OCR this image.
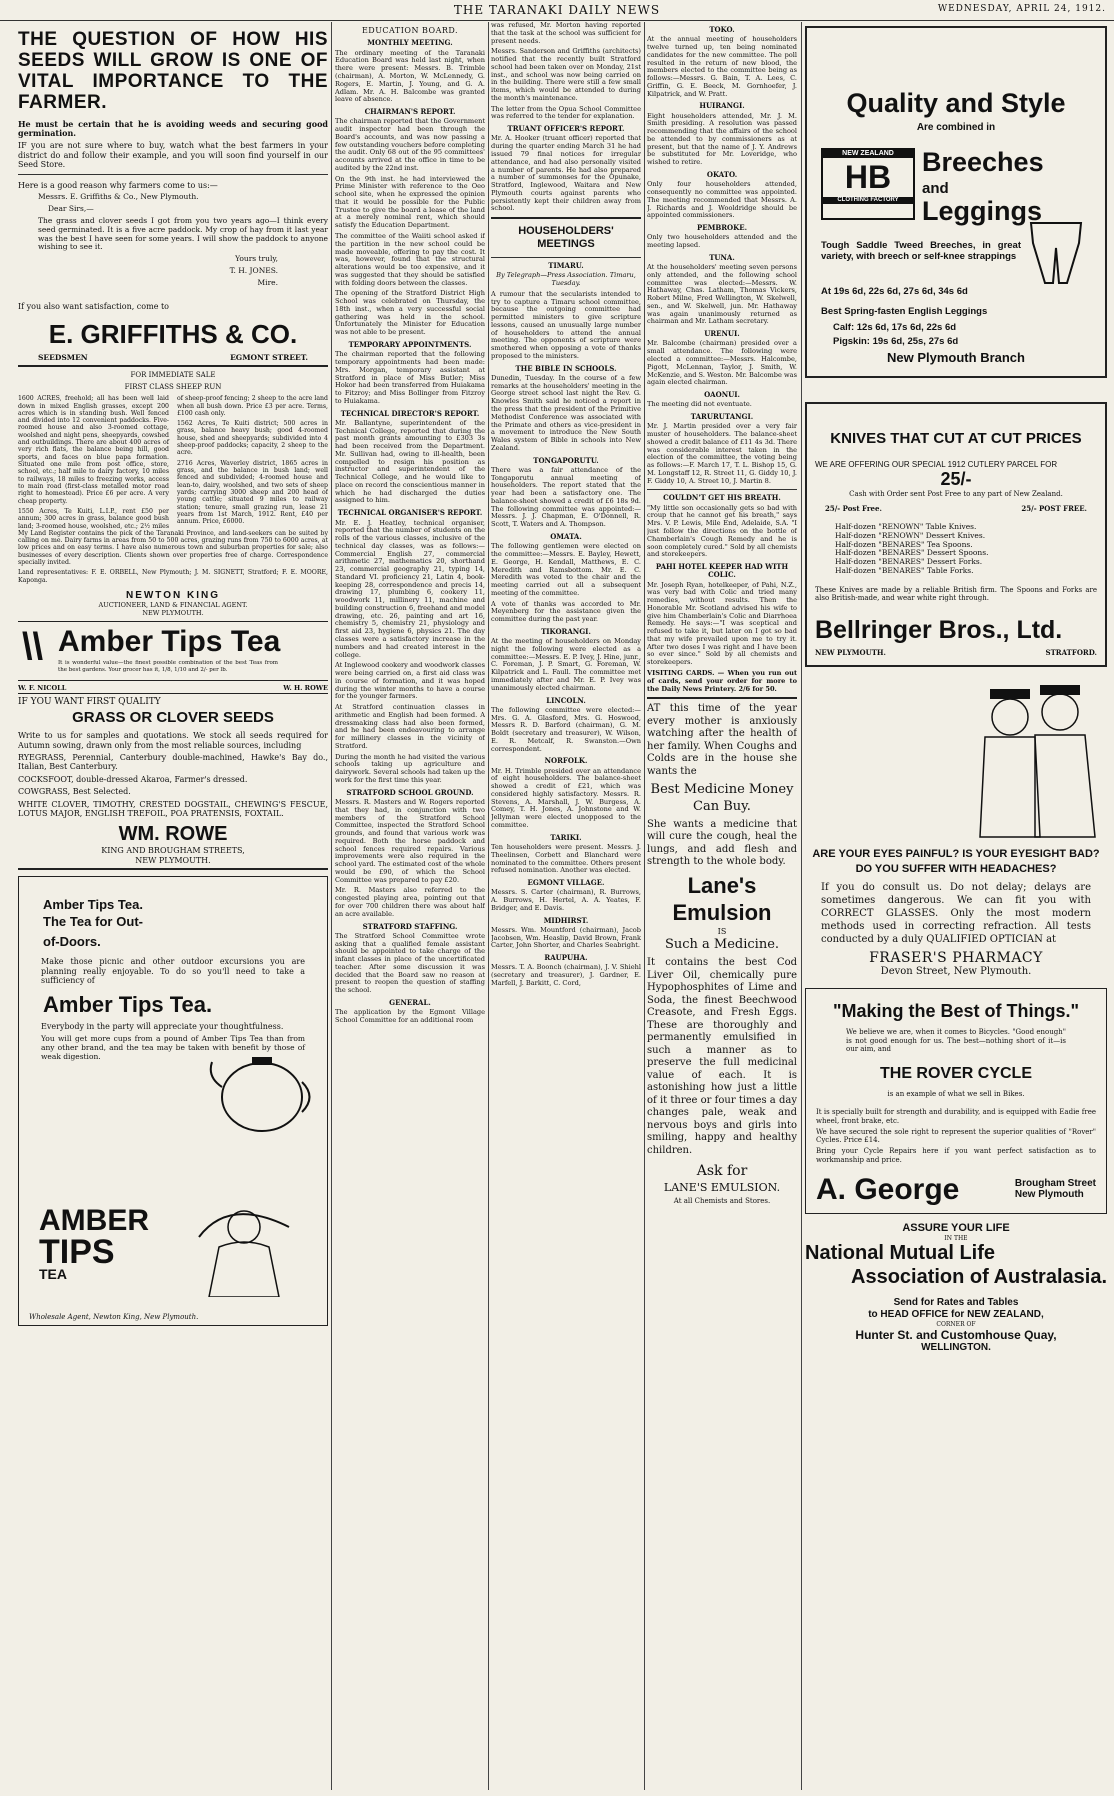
THE TARANAKI DAILY NEWS	WEDNESDAY, APRIL 24, 1912.
THE QUESTION OF HOW HIS SEEDS WILL GROW IS ONE OF VITAL IMPORTANCE TO THE FARMER.

He must be certain that he is avoiding weeds and securing good germination.

IF you are not sure where to buy, watch what the best farmers in your district do and follow their example, and you will soon find yourself in our Seed Store.

Here is a good reason why farmers come to us:—

Messrs. E. Griffiths & Co., New Plymouth.

Dear Sirs,—

The grass and clover seeds I got from you two years ago—I think every seed germinated. It is a five acre paddock. My crop of hay from it last year was the best I have seen for some years. I will show the paddock to anyone wishing to see it.

Yours truly,

T. H. JONES.

Mire.

If you also want satisfaction, come to

E. GRIFFITHS & CO.
SEEDSMEN	EGMONT STREET.
FOR IMMEDIATE SALE
FIRST CLASS SHEEP RUN

1600 ACRES, freehold; all has been well laid down in mixed English grasses, except 200 acres which is in standing bush. Well fenced and divided into 12 convenient paddocks. Five-roomed house and also 3-roomed cottage, woolshed and night pens, sheepyards, cowshed and outbuildings. There are about 400 acres of very rich flats, the balance being hill, good sports, and faces on blue papa formation. Situated one mile from post office, store, school, etc.; half mile to dairy factory, 10 miles to railways, 18 miles to freezing works, access to main road (first-class metalled motor road right to homestead). Price £6 per acre. A very cheap property.

1550 Acres, Te Kuiti, L.I.P., rent £50 per annum; 300 acres in grass, balance good bush land; 3-roomed house, woolshed, etc.; 2½ miles of sheep-proof fencing; 2 sheep to the acre land when all bush down. Price £3 per acre. Terms, £100 cash only.

1562 Acres, Te Kuiti district; 500 acres in grass, balance heavy bush; good 4-roomed house, shed and sheepyards; subdivided into 4 sheep-proof paddocks; capacity, 2 sheep to the acre.

2716 Acres, Waverley district, 1865 acres in grass, and the balance in bush land; well fenced and subdivided; 4-roomed house and lean-to, dairy, woolshed, and two sets of sheep yards; carrying 3000 sheep and 200 head of young cattle; situated 9 miles to railway station; tenure, small grazing run, lease 21 years from 1st March, 1912. Rent, £40 per annum. Price, £6000.

My Land Register contains the pick of the Taranaki Province, and land-seekers can be suited by calling on me. Dairy farms in areas from 50 to 500 acres, grazing runs from 750 to 6000 acres, at low prices and on easy terms. I have also numerous town and suburban properties for sale; also businesses of every description. Clients shown over properties free of charge. Correspondence specially invited.

Land representatives: F. E. ORBELL, New Plymouth; J. M. SIGNETT, Stratford; F. E. MOORE, Kaponga.

NEWTON KING
AUCTIONEER, LAND & FINANCIAL AGENT.
NEW PLYMOUTH.
\\ Amber Tips Tea
It is wonderful value—the finest possible combination of the best Teas from the best gardens. Your grocer has it, 1/8, 1/10 and 2/- per lb.
W. F. NICOLL	W. H. ROWE
IF YOU WANT FIRST QUALITY
GRASS OR CLOVER SEEDS

Write to us for samples and quotations. We stock all seeds required for Autumn sowing, drawn only from the most reliable sources, including

RYEGRASS, Perennial, Canterbury double-machined, Hawke's Bay do., Italian, Best Canterbury.

COCKSFOOT, double-dressed Akaroa, Farmer's dressed.

COWGRASS, Best Selected.

WHITE CLOVER, TIMOTHY, CRESTED DOGSTAIL, CHEWING'S FESCUE, LOTUS MAJOR, ENGLISH TREFOIL, POA PRATENSIS, FOXTAIL.

WM. ROWE
KING AND BROUGHAM STREETS,
NEW PLYMOUTH.
Amber Tips Tea.
The Tea for Out-of-Doors.

Make those picnic and other outdoor excursions you are planning really enjoyable. To do so you'll need to take a sufficiency of

Amber Tips Tea.

Everybody in the party will appreciate your thoughtfulness.

You will get more cups from a pound of Amber Tips Tea than from any other brand, and the tea may be taken with benefit by those of weak digestion.

AMBER
TIPS
TEA
Wholesale Agent, Newton King, New Plymouth.
EDUCATION BOARD.
MONTHLY MEETING.

The ordinary meeting of the Taranaki Education Board was held last night, when there were present: Messrs. B. Trimble (chairman), A. Morton, W. McLennedy, G. Rogers, E. Martin, J. Young, and G. A. Adlam. Mr. A. H. Balcombe was granted leave of absence.

CHAIRMAN'S REPORT.

The chairman reported that the Government audit inspector had been through the Board's accounts, and was now passing a few outstanding vouchers before completing the audit. Only 68 out of the 95 committees' accounts arrived at the office in time to be audited by the 22nd inst.

On the 9th inst. he had interviewed the Prime Minister with reference to the Oeo school site, when he expressed the opinion that it would be possible for the Public Trustee to give the board a lease of the land at a merely nominal rent, which should satisfy the Education Department.

The committee of the Waiiti school asked if the partition in the new school could be made moveable, offering to pay the cost. It was, however, found that the structural alterations would be too expensive, and it was suggested that they should be satisfied with folding doors between the classes.

The opening of the Stratford District High School was celebrated on Thursday, the 18th inst., when a very successful social gathering was held in the school. Unfortunately the Minister for Education was not able to be present.

TEMPORARY APPOINTMENTS.

The chairman reported that the following temporary appointments had been made: Mrs. Morgan, temporary assistant at Stratford in place of Miss Butler; Miss Hokor had been transferred from Huiakama to Fitzroy; and Miss Bollinger from Fitzroy to Huiakama.

TECHNICAL DIRECTOR'S REPORT.

Mr. Ballantyne, superintendent of the Technical College, reported that during the past month grants amounting to £303 3s had been received from the Department. Mr. Sullivan had, owing to ill-health, been compelled to resign his position as instructor and superintendent of the Technical College, and he would like to place on record the conscientious manner in which he had discharged the duties assigned to him.

TECHNICAL ORGANISER'S REPORT.

Mr. E. J. Heatley, technical organiser, reported that the number of students on the rolls of the various classes, inclusive of the technical day classes, was as follows:—Commercial English 27, commercial arithmetic 27, mathematics 20, shorthand 23, commercial geography 21, typing 14, Standard VI. proficiency 21, Latin 4, book-keeping 28, correspondence and precis 14, drawing 17, plumbing 6, cookery 11, woodwork 11, millinery 11, machine and building construction 6, freehand and model drawing, etc. 26, painting and art 16, chemistry 5, chemistry 21, physiology and first aid 23, hygiene 6, physics 21. The day classes were a satisfactory increase in the numbers and had created interest in the college.

At Inglewood cookery and woodwork classes were being carried on, a first aid class was in course of formation, and it was hoped during the winter months to have a course for the younger farmers.

At Stratford continuation classes in arithmetic and English had been formed. A dressmaking class had also been formed, and he had been endeavouring to arrange for millinery classes in the vicinity of Stratford.

During the month he had visited the various schools taking up agriculture and dairywork. Several schools had taken up the work for the first time this year.

STRATFORD SCHOOL GROUND.

Messrs. R. Masters and W. Rogers reported that they had, in conjunction with two members of the Stratford School Committee, inspected the Stratford School grounds, and found that various work was required. Both the horse paddock and school fences required repairs. Various improvements were also required in the school yard. The estimated cost of the whole would be £90, of which the School Committee was prepared to pay £20.

Mr. R. Masters also referred to the congested playing area, pointing out that for over 700 children there was about half an acre available.

STRATFORD STAFFING.

The Stratford School Committee wrote asking that a qualified female assistant should be appointed to take charge of the infant classes in place of the uncertificated teacher. After some discussion it was decided that the Board saw no reason at present to reopen the question of staffing the school.

GENERAL.

The application by the Egmont Village School Committee for an additional room

was refused, Mr. Morton having reported that the task at the school was sufficient for present needs.

Messrs. Sanderson and Griffiths (architects) notified that the recently built Stratford school had been taken over on Monday, 21st inst., and school was now being carried on in the building. There were still a few small items, which would be attended to during the month's maintenance.

The letter from the Opua School Committee was referred to the tender for explanation.

TRUANT OFFICER'S REPORT.

Mr. A. Hooker (truant officer) reported that during the quarter ending March 31 he had issued 79 final notices for irregular attendance, and had also personally visited a number of parents. He had also prepared a number of summonses for the Opunake, Stratford, Inglewood, Waitara and New Plymouth courts against parents who persistently kept their children away from school.

HOUSEHOLDERS' MEETINGS
TIMARU.

By Telegraph—Press Association. Timaru, Tuesday.

A rumour that the secularists intended to try to capture a Timaru school committee, because the outgoing committee had permitted ministers to give scripture lessons, caused an unusually large number of householders to attend the annual meeting. The opponents of scripture were smothered when opposing a vote of thanks proposed to the ministers.

THE BIBLE IN SCHOOLS.

Dunedin, Tuesday. In the course of a few remarks at the householders' meeting in the George street school last night the Rev. G. Knowles Smith said he noticed a report in the press that the president of the Primitive Methodist Conference was associated with the Primate and others as vice-president in a movement to introduce the New South Wales system of Bible in schools into New Zealand.

TONGAPORUTU.

There was a fair attendance of the Tongaporutu annual meeting of householders. The report stated that the year had been a satisfactory one. The balance-sheet showed a credit of £6 18s 9d. The following committee was appointed:—Messrs. J. J. Chapman, E. O'Donnell, R. Scott, T. Waters and A. Thompson.

OMATA.

The following gentlemen were elected on the committee:—Messrs. E. Bayley, Hewett, E. George, H. Kendall, Matthews, E. C. Meredith and Ramsbottom. Mr. E. C. Meredith was voted to the chair and the meeting carried out all a subsequent meeting of the committee.

A vote of thanks was accorded to Mr. Meyenberg for the assistance given the committee during the past year.

TIKORANGI.

At the meeting of householders on Monday night the following were elected as a committee:—Messrs. E. P. Ivey, J. Hine, junr., C. Foreman, J. P. Smart, G. Foreman, W. Kilpatrick and L. Faull. The committee met immediately after and Mr. E. P. Ivey was unanimously elected chairman.

LINCOLN.

The following committee were elected:—Mrs. G. A. Glasford, Mrs. G. Hoswood, Messrs R. D. Barford (chairman), G. M. Boldt (secretary and treasurer), W. Wilson, E. R. Metcalf, R. Swanston.—Own correspondent.

NORFOLK.

Mr. H. Trimble presided over an attendance of eight householders. The balance-sheet showed a credit of £21, which was considered highly satisfactory. Messrs. R. Stevens, A. Marshall, J. W. Burgess, A. Comey, T. H. Jones, A. Johnstone and W. Jellyman were elected unopposed to the committee.

TARIKI.

Ten householders were present. Messrs. J. Theelinsen, Corbett and Blanchard were nominated to the committee. Others present refused nomination. Another was elected.

EGMONT VILLAGE.

Messrs. S. Carter (chairman), R. Burrows, A. Burrows, H. Hertel, A. A. Yeates, F. Bridger, and E. Davis.

MIDHIRST.

Messrs. Wm. Mountford (chairman), Jacob Jacobsen, Wm. Heaslip, David Brown, Frank Carter, John Shorter, and Charles Seabright.

RAUPUHA.

Messrs. T. A. Boonch (chairman), J. V. Shiehl (secretary and treasurer), J. Gardner, E. Marfell, J. Barkitt, C. Cord,

TOKO.

At the annual meeting of householders twelve turned up, ten being nominated candidates for the new committee. The poll resulted in the return of new blood, the members elected to the committee being as follows:—Messrs. G. Bain, T. A. Lees, C. Griffin, G. E. Beeck, M. Gornhoefer, J. Kilpatrick, and W. Pratt.

HUIRANGI.

Eight householders attended, Mr. J. M. Smith presiding. A resolution was passed recommending that the affairs of the school be attended to by commissioners as at present, but that the name of J. Y. Andrews be substituted for Mr. Loveridge, who wished to retire.

OKATO.

Only four householders attended, consequently no committee was appointed. The meeting recommended that Messrs. A. J. Richards and J. Wooldridge should be appointed commissioners.

PEMBROKE.

Only two householders attended and the meeting lapsed.

TUNA.

At the householders' meeting seven persons only attended, and the following school committee was elected:—Messrs. W. Hathaway, Chas. Latham, Thomas Vickers, Robert Milne, Fred Wellington, W. Skelwell, sen., and W. Skelwell, jun. Mr. Hathaway was again unanimously returned as chairman and Mr. Latham secretary.

URENUI.

Mr. Balcombe (chairman) presided over a small attendance. The following were elected a committee:—Messrs. Halcombe, Pigott, McLennan, Taylor, J. Smith, W. McKenzie, and S. Weston. Mr. Balcombe was again elected chairman.

OAONUI.

The meeting did not eventuate.

TARURUTANGI.

Mr. J. Martin presided over a very fair muster of householders. The balance-sheet showed a credit balance of £11 4s 3d. There was considerable interest taken in the election of the committee, the voting being as follows:—F. March 17, T. L. Bishop 15, G. M. Longstaff 12, R. Street 11, G. Giddy 10, J. F. Giddy 10, A. Street 10, J. Martin 8.

COULDN'T GET HIS BREATH.

"My little son occasionally gets so bad with croup that he cannot get his breath," says Mrs. V. P. Lewis, Mile End, Adelaide, S.A. "I just follow the directions on the bottle of Chamberlain's Cough Remedy and he is soon completely cured." Sold by all chemists and storekeepers.

PAHI HOTEL KEEPER HAD WITH COLIC.

Mr. Joseph Ryan, hotelkeeper, of Pahi, N.Z., was very bad with Colic and tried many remedies, without results. Then the Honorable Mr. Scotland advised his wife to give him Chamberlain's Colic and Diarrhoea Remedy. He says:—"I was sceptical and refused to take it, but later on I got so bad that my wife prevailed upon me to try it. After two doses I was right and I have been so ever since." Sold by all chemists and storekeepers.

VISITING CARDS. — When you run out of cards, send your order for more to the Daily News Printery. 2/6 for 50.

AT this time of the year every mother is anxiously watching after the health of her family. When Coughs and Colds are in the house she wants the

Best Medicine Money Can Buy.

She wants a medicine that will cure the cough, heal the lungs, and add flesh and strength to the whole body.

Lane's
Emulsion
IS
Such a Medicine.

It contains the best Cod Liver Oil, chemically pure Hypophosphites of Lime and Soda, the finest Beechwood Creasote, and Fresh Eggs. These are thoroughly and permanently emulsified in such a manner as to preserve the full medicinal value of each. It is astonishing how just a little of it three or four times a day changes pale, weak and nervous boys and girls into smiling, happy and healthy children.

Ask for
LANE'S EMULSION.
At all Chemists and Stores.
Quality and Style
Are combined in
NEW ZEALAND
HB
CLOTHING FACTORY
Breeches
and
Leggings
Tough Saddle Tweed Breeches, in great variety, with breech or self-knee strappings
At 19s 6d, 22s 6d, 27s 6d, 34s 6d
Best Spring-fasten English Leggings
Calf: 12s 6d, 17s 6d, 22s 6d
Pigskin: 19s 6d, 25s, 27s 6d
New Plymouth Branch
KNIVES THAT CUT AT CUT PRICES
WE ARE OFFERING OUR SPECIAL 1912 CUTLERY PARCEL FOR
25/-
Cash with Order sent Post Free to any part of New Zealand.
25/- Post Free.	25/- POST FREE.
Half-dozen "RENOWN" Table Knives.
Half-dozen "RENOWN" Dessert Knives.
Half-dozen "BENARES" Tea Spoons.
Half-dozen "BENARES" Dessert Spoons.
Half-dozen "BENARES" Dessert Forks.
Half-dozen "BENARES" Table Forks.

These Knives are made by a reliable British firm. The Spoons and Forks are also British-made, and wear white right through.

Bellringer Bros., Ltd.
NEW PLYMOUTH.	STRATFORD.
ARE YOUR EYES PAINFUL? IS YOUR EYESIGHT BAD? DO YOU SUFFER WITH HEADACHES?

If you do consult us. Do not delay; delays are sometimes dangerous. We can fit you with CORRECT GLASSES. Only the most modern methods used in correcting refraction. All tests conducted by a duly QUALIFIED OPTICIAN at

FRASER'S PHARMACY
Devon Street, New Plymouth.
"Making the Best of Things."

We believe we are, when it comes to Bicycles. "Good enough" is not good enough for us. The best—nothing short of it—is our aim, and

THE ROVER CYCLE

is an example of what we sell in Bikes.

It is specially built for strength and durability, and is equipped with Eadie free wheel, front brake, etc.

We have secured the sole right to represent the superior qualities of "Rover" Cycles. Price £14.

Bring your Cycle Repairs here if you want perfect satisfaction as to workmanship and price.

A. George	Brougham Street
New Plymouth
ASSURE YOUR LIFE
IN THE
National Mutual Life
Association of Australasia.
Send for Rates and Tables
to HEAD OFFICE for NEW ZEALAND,
CORNER OF
Hunter St. and Customhouse Quay,
WELLINGTON.
